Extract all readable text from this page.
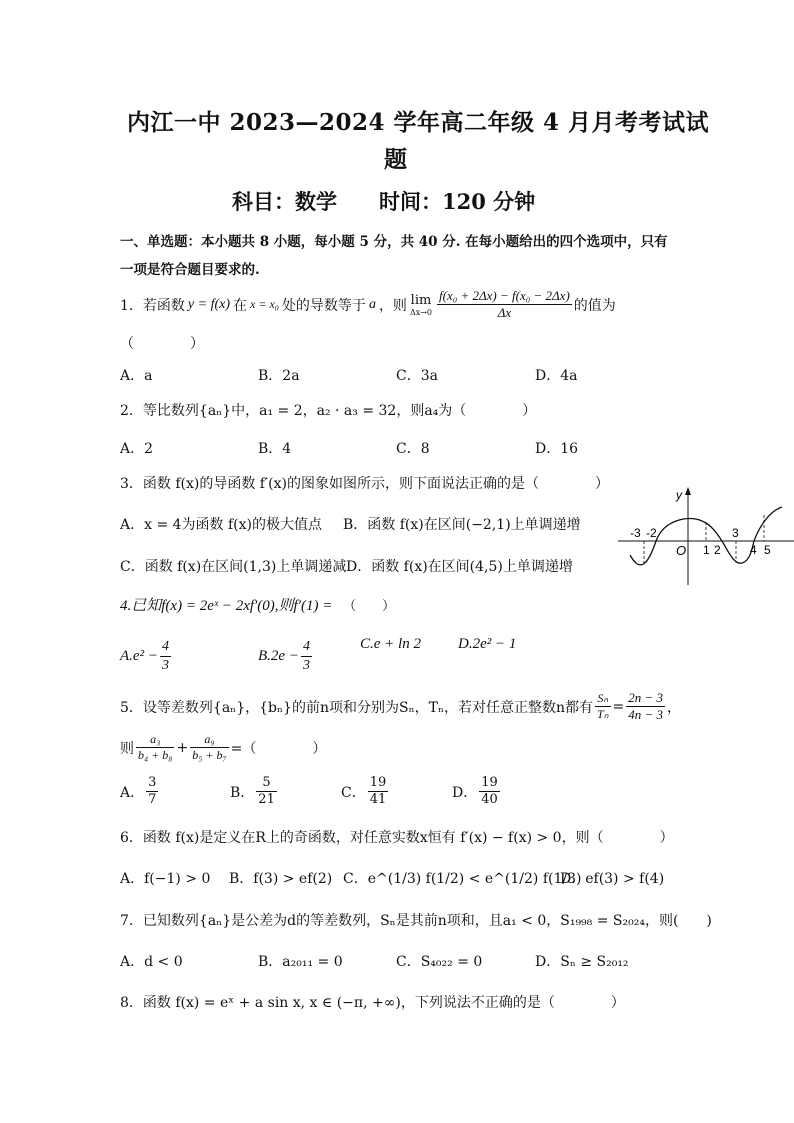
内江一中 2023—2024 学年高二年级 4 月月考考试试
题
科目：数学　　时间：120 分钟
一、单选题：本小题共 8 小题，每小题 5 分，共 40 分. 在每小题给出的四个选项中，只有
一项是符合题目要求的.
1．若函数 y = f(x) 在 x = x₀ 处的导数等于 a ，则 lim
$\Delta x\to 0 \frac{\text{f(x₀ + 2Δx) − f(x₀ − 2Δx)}}{\Delta x}$ 的值为
（　　　　）
A．a	B．2a	C．3a	D．4a
2．等比数列{aₙ}中，a₁ = 2，a₂ · a₃ = 32，则a₄为（　　　　）
A．2	B．4	C．8	D．16
3．函数 f(x)的导函数 f′(x)的图象如图所示，则下面说法正确的是（　　　　）
A．x = 4为函数 f(x)的极大值点 B．函数 f(x)在区间(−2,1)上单调递增
C．函数 f(x)在区间(1,3)上单调递减 D．函数 f(x)在区间(4,5)上单调递增
y
O
-3 -2
1 2
3
4 5
4.已知f(x) = 2eˣ − 2xf′(0),则f′(1) = （　　）
$A.e^2 - \frac{4}{3}$	$B.2e - \frac{4}{3}$	C.e + ln 2 D.2e² − 1
5．设等差数列{aₙ}，{bₙ}的前n项和分别为Sₙ，Tₙ，若对任意正整数n都有 $\frac{\text{Sₙ}}{\text{Tₙ}} = \frac{2n - 3}{4n - 3}$ ，
则 $\frac{\text{a₃}}{\text{b₄ + b₈}} + \frac{\text{a₉}}{\text{b₅ + b₇}}$ =（　　　　）
A． $\frac{3}{7}$	B． $\frac{5}{21}$	C． $\frac{19}{41}$	D． $\frac{19}{40}$
6．函数 f(x)是定义在R上的奇函数，对任意实数x恒有 f′(x) − f(x) > 0，则（　　　　）
A．f(−1) > 0 B．f(3) > ef(2) C．e^(1/3) f(1/2) < e^(1/2) f(1/3)
D．ef(3) > f(4)
7．已知数列{aₙ}是公差为d的等差数列，Sₙ是其前n项和，且a₁ < 0，S₁₉₉₈ = S₂₀₂₄，则(　　)
A．d < 0	B．a₂₀₁₁ = 0	C．S₄₀₂₂ = 0	D．Sₙ ≥ S₂₀₁₂
8．函数 f(x) = eˣ + a sin x, x ∈ (−π, +∞)，下列说法不正确的是（　　　　）
